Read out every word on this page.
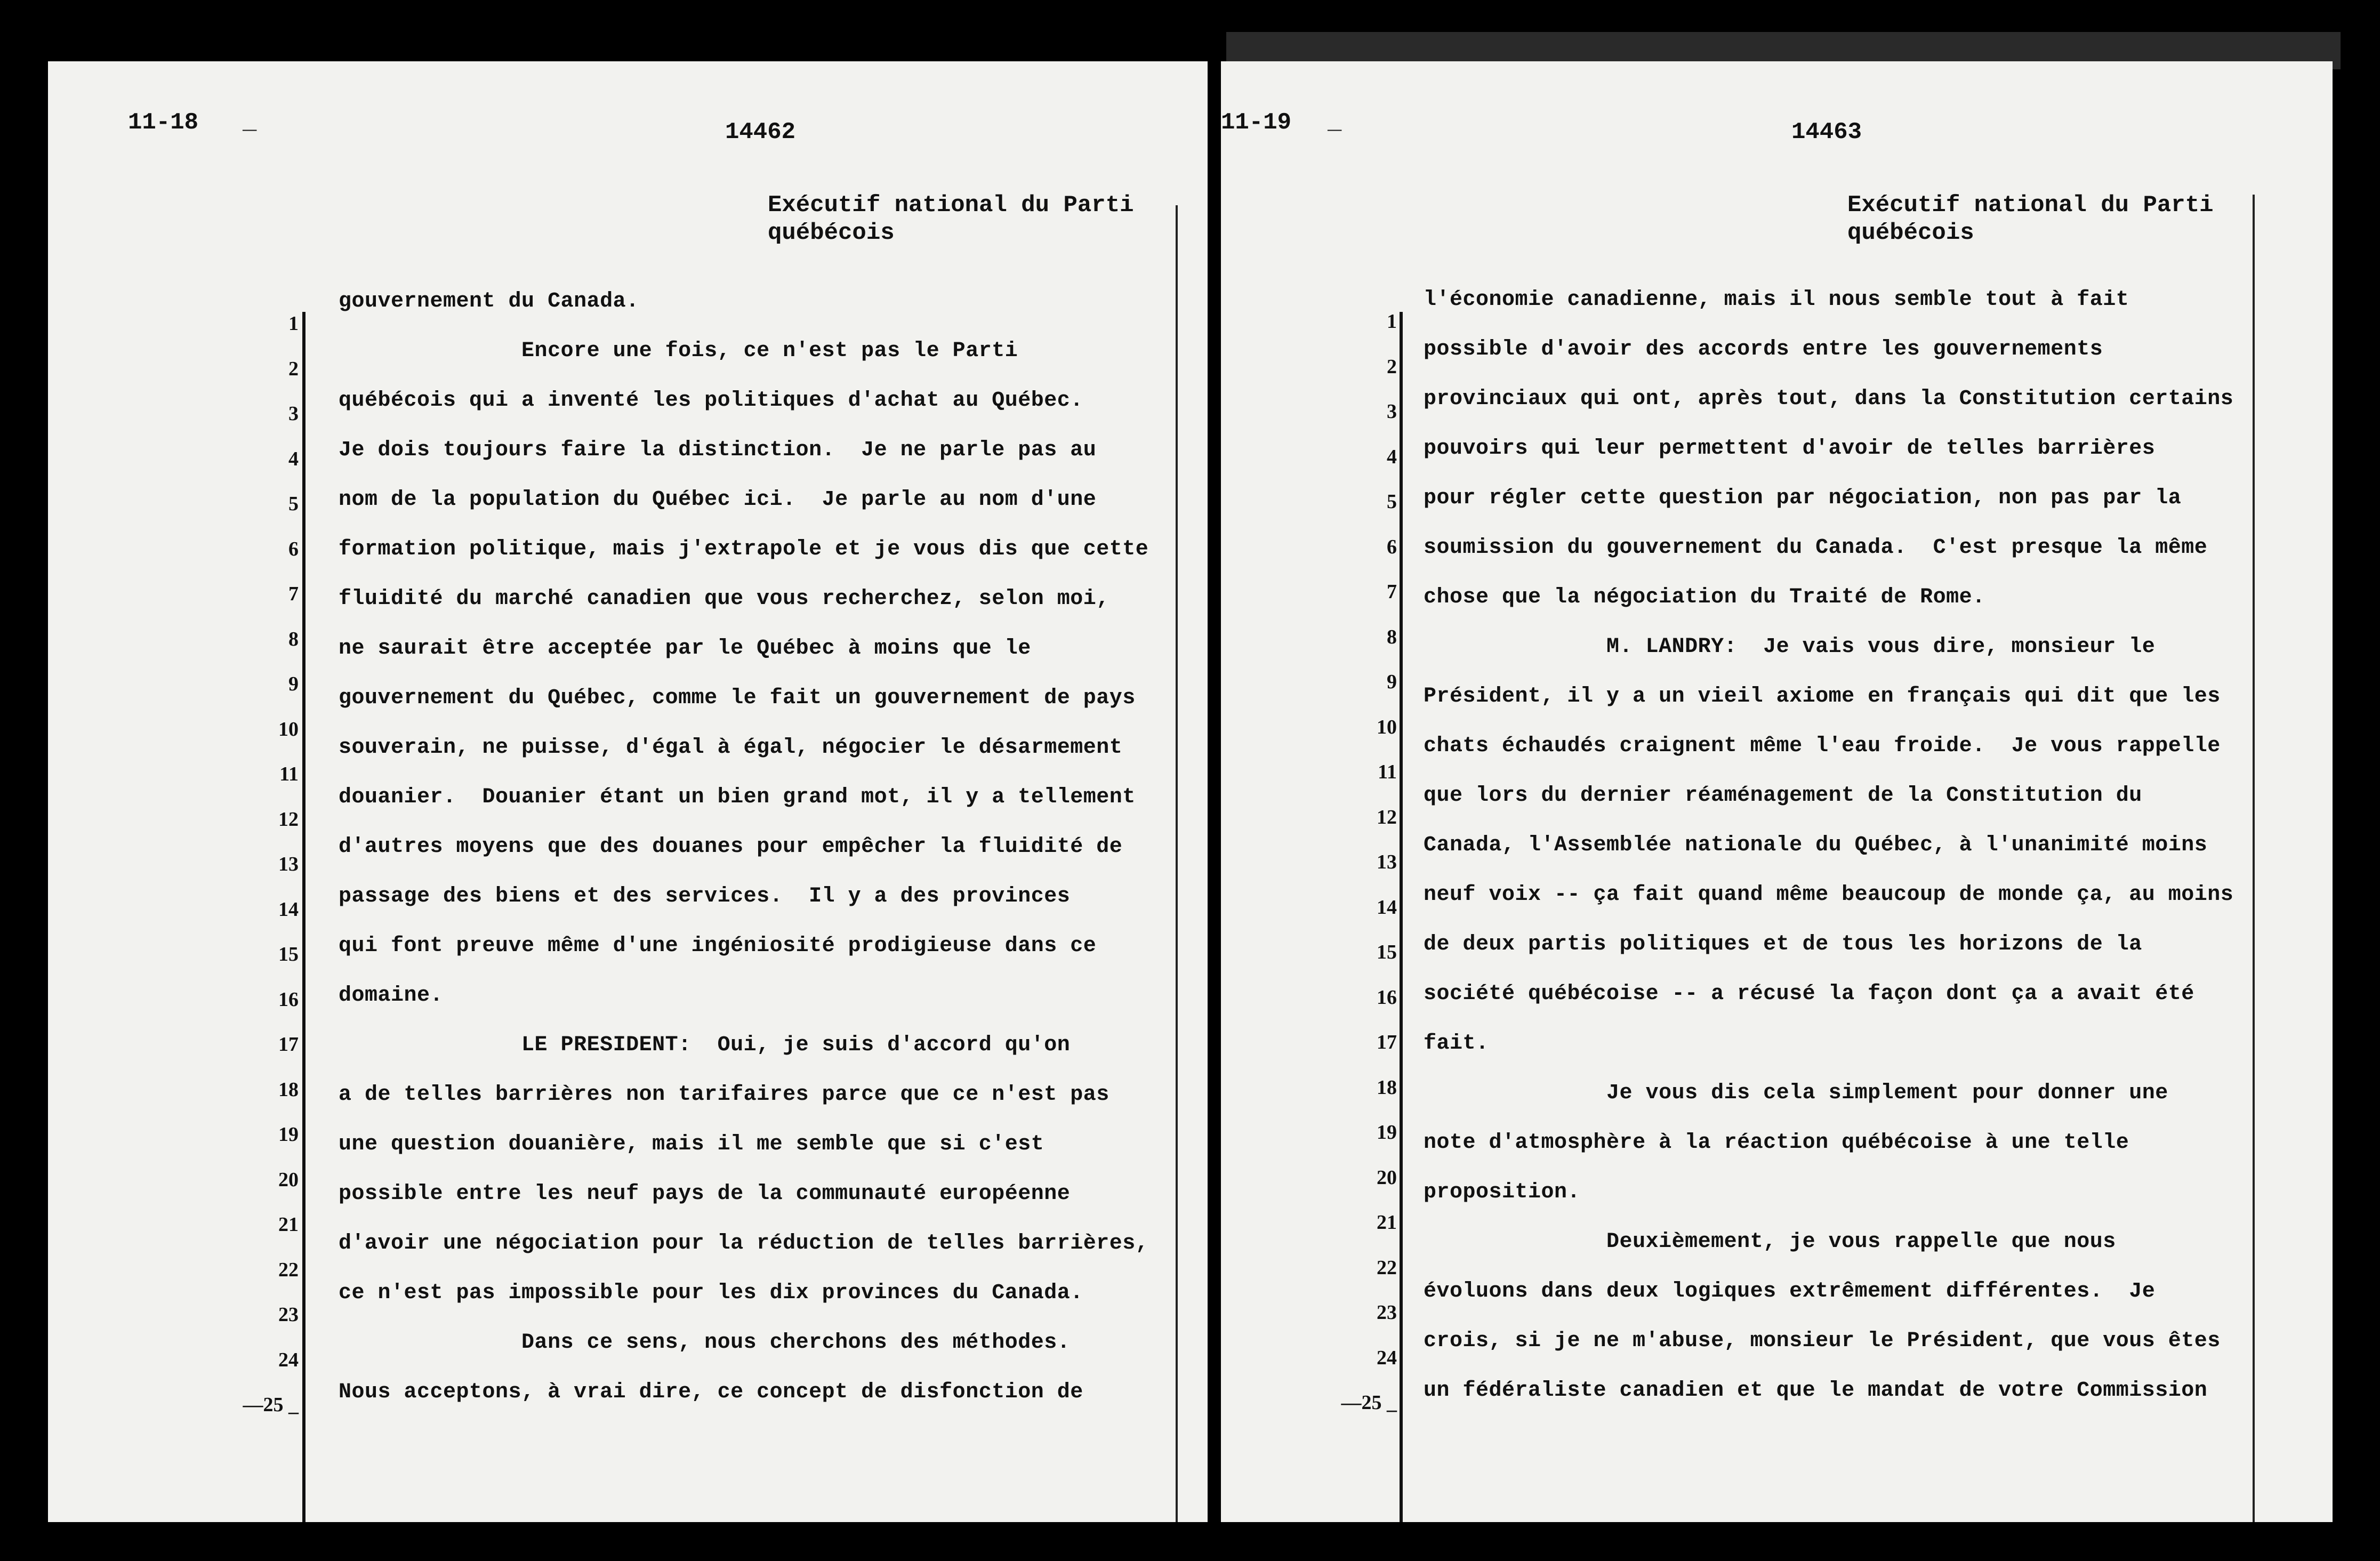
11-18 _	14462
Exécutif national du Parti
québécois
1
2
3
4
5
6
7
8
9
10
11
12
13
14
15
16
17
18
19
20
21
22
23
24
—25 _
gouvernement du Canada.
Encore une fois, ce n'est pas le Parti
québécois qui a inventé les politiques d'achat au Québec.
Je dois toujours faire la distinction.  Je ne parle pas au
nom de la population du Québec ici.  Je parle au nom d'une
formation politique, mais j'extrapole et je vous dis que cette
fluidité du marché canadien que vous recherchez, selon moi,
ne saurait être acceptée par le Québec à moins que le
gouvernement du Québec, comme le fait un gouvernement de pays
souverain, ne puisse, d'égal à égal, négocier le désarmement
douanier.  Douanier étant un bien grand mot, il y a tellement
d'autres moyens que des douanes pour empêcher la fluidité de
passage des biens et des services.  Il y a des provinces
qui font preuve même d'une ingéniosité prodigieuse dans ce
domaine.
LE PRESIDENT:  Oui, je suis d'accord qu'on
a de telles barrières non tarifaires parce que ce n'est pas
une question douanière, mais il me semble que si c'est
possible entre les neuf pays de la communauté européenne
d'avoir une négociation pour la réduction de telles barrières,
ce n'est pas impossible pour les dix provinces du Canada.
Dans ce sens, nous cherchons des méthodes.
Nous acceptons, à vrai dire, ce concept de disfonction de
11-19 _	14463
Exécutif national du Parti
québécois
1
2
3
4
5
6
7
8
9
10
11
12
13
14
15
16
17
18
19
20
21
22
23
24
—25 _
l'économie canadienne, mais il nous semble tout à fait
possible d'avoir des accords entre les gouvernements
provinciaux qui ont, après tout, dans la Constitution certains
pouvoirs qui leur permettent d'avoir de telles barrières
pour régler cette question par négociation, non pas par la
soumission du gouvernement du Canada.  C'est presque la même
chose que la négociation du Traité de Rome.
M. LANDRY:  Je vais vous dire, monsieur le
Président, il y a un vieil axiome en français qui dit que les
chats échaudés craignent même l'eau froide.  Je vous rappelle
que lors du dernier réaménagement de la Constitution du
Canada, l'Assemblée nationale du Québec, à l'unanimité moins
neuf voix -- ça fait quand même beaucoup de monde ça, au moins
de deux partis politiques et de tous les horizons de la
société québécoise -- a récusé la façon dont ça a avait été
fait.
Je vous dis cela simplement pour donner une
note d'atmosphère à la réaction québécoise à une telle
proposition.
Deuxièmement, je vous rappelle que nous
évoluons dans deux logiques extrêmement différentes.  Je
crois, si je ne m'abuse, monsieur le Président, que vous êtes
un fédéraliste canadien et que le mandat de votre Commission
